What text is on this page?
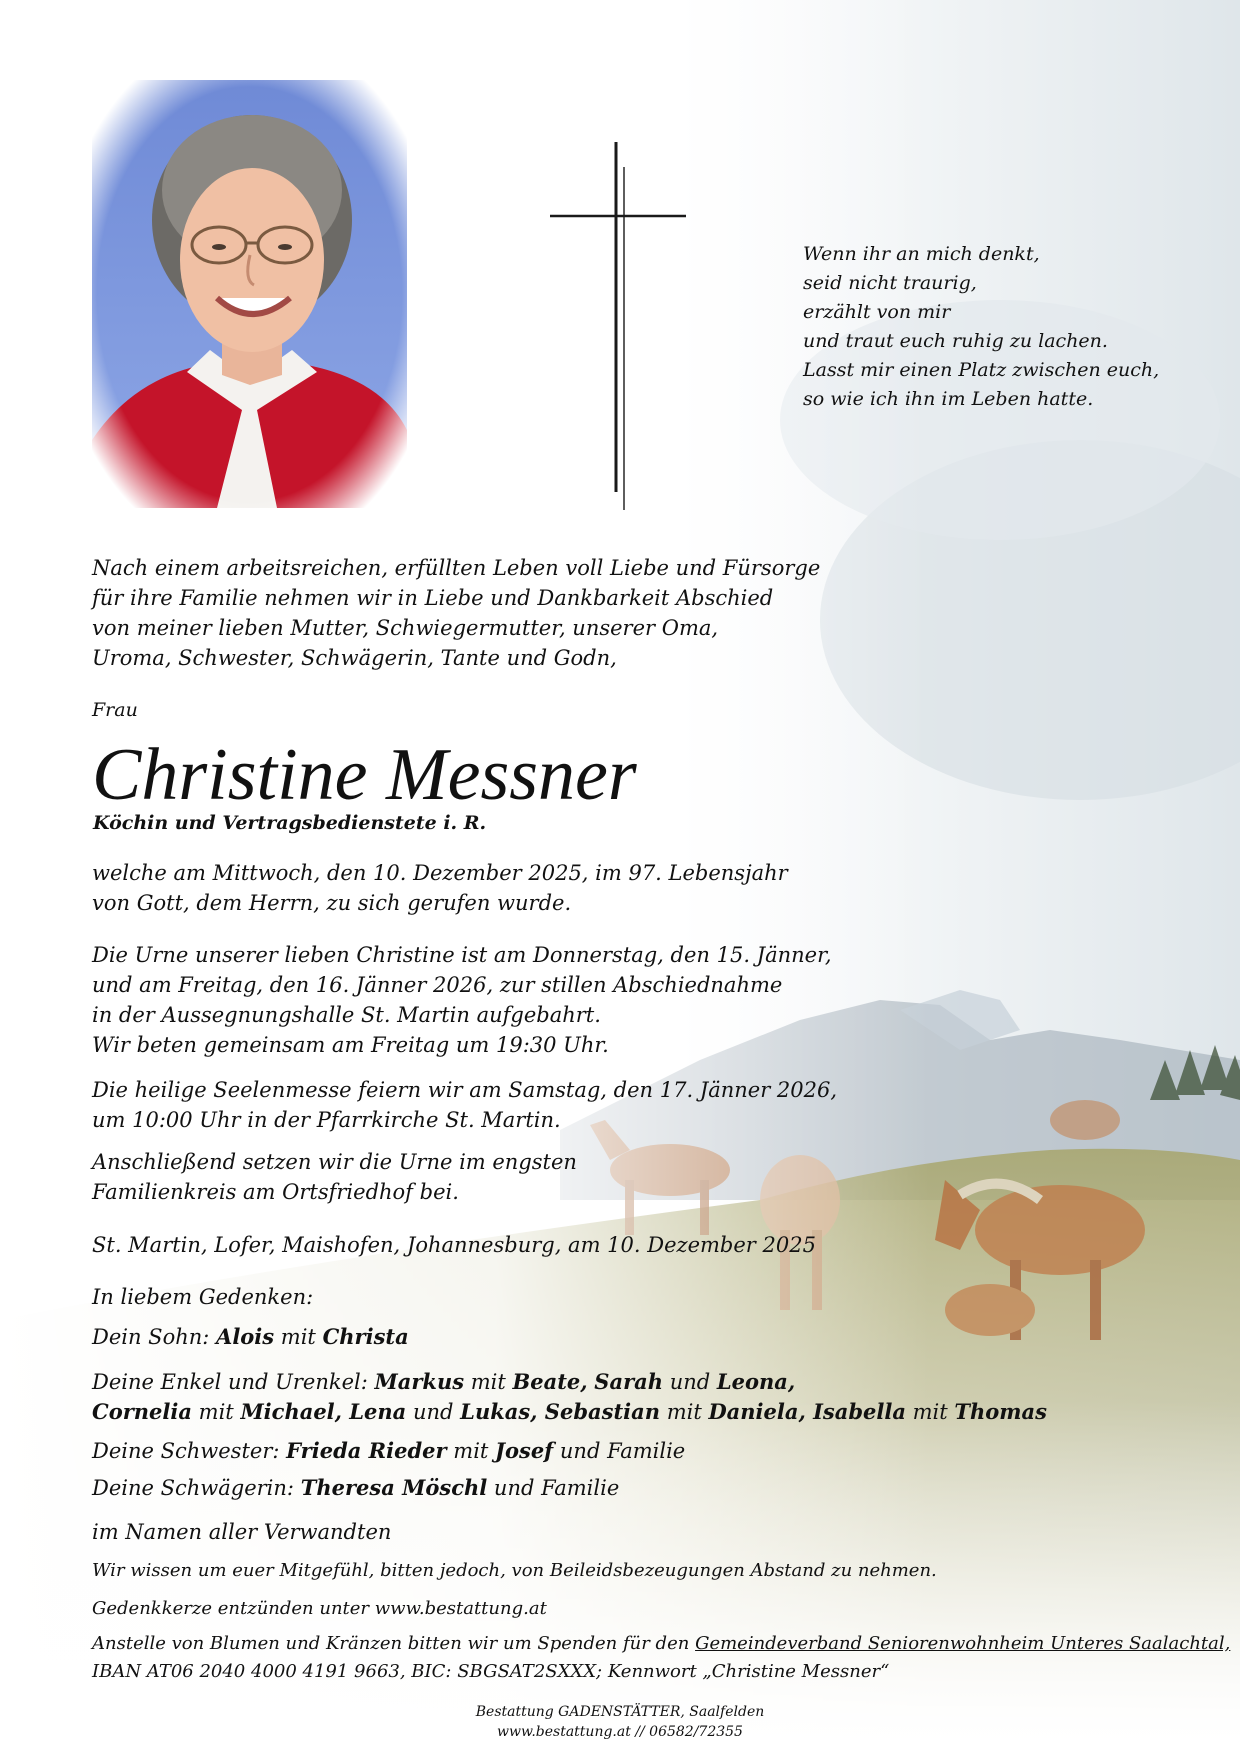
Wenn ihr an mich denkt,
seid nicht traurig,
erzählt von mir
und traut euch ruhig zu lachen.
Lasst mir einen Platz zwischen euch,
so wie ich ihn im Leben hatte.
Nach einem arbeitsreichen, erfüllten Leben voll Liebe und Fürsorge
für ihre Familie nehmen wir in Liebe und Dankbarkeit Abschied
von meiner lieben Mutter, Schwiegermutter, unserer Oma,
Uroma, Schwester, Schwägerin, Tante und Godn,
Frau
Christine Messner
Köchin und Vertragsbedienstete i. R.
welche am Mittwoch, den 10. Dezember 2025, im 97. Lebensjahr
von Gott, dem Herrn, zu sich gerufen wurde.
Die Urne unserer lieben Christine ist am Donnerstag, den 15. Jänner,
und am Freitag, den 16. Jänner 2026, zur stillen Abschiednahme
in der Aussegnungshalle St. Martin aufgebahrt.
Wir beten gemeinsam am Freitag um 19:30 Uhr.
Die heilige Seelenmesse feiern wir am Samstag, den 17. Jänner 2026,
um 10:00 Uhr in der Pfarrkirche St. Martin.
Anschließend setzen wir die Urne im engsten
Familienkreis am Ortsfriedhof bei.
St. Martin, Lofer, Maishofen, Johannesburg, am 10. Dezember 2025
In liebem Gedenken:
Dein Sohn: Alois mit Christa
Deine Enkel und Urenkel: Markus mit Beate, Sarah und Leona,
Cornelia mit Michael, Lena und Lukas, Sebastian mit Daniela, Isabella mit Thomas
Deine Schwester: Frieda Rieder mit Josef und Familie
Deine Schwägerin: Theresa Möschl und Familie
im Namen aller Verwandten
Wir wissen um euer Mitgefühl, bitten jedoch, von Beileidsbezeugungen Abstand zu nehmen.
Gedenkkerze entzünden unter www.bestattung.at
Anstelle von Blumen und Kränzen bitten wir um Spenden für den Gemeindeverband Seniorenwohnheim Unteres Saalachtal,
IBAN AT06 2040 4000 4191 9663, BIC: SBGSAT2SXXX; Kennwort „Christine Messner“
Bestattung GADENSTÄTTER, Saalfelden
www.bestattung.at // 06582/72355
